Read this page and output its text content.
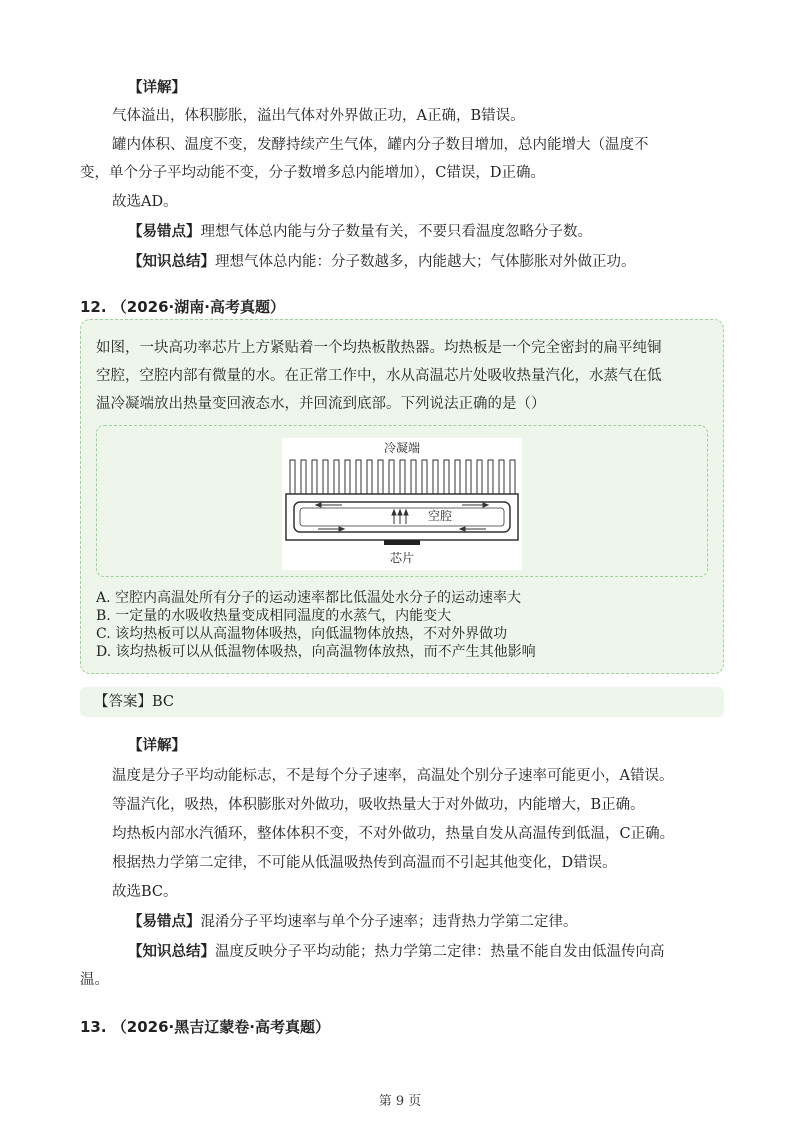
【详解】
气体溢出，体积膨胀，溢出气体对外界做正功，A正确，B错误。
罐内体积、温度不变，发酵持续产生气体，罐内分子数目增加，总内能增大（温度不
变，单个分子平均动能不变，分子数增多总内能增加），C错误，D正确。
故选AD。
【易错点】理想气体总内能与分子数量有关，不要只看温度忽略分子数。
【知识总结】理想气体总内能：分子数越多，内能越大；气体膨胀对外做正功。
12. （2026·湖南·高考真题）
如图，一块高功率芯片上方紧贴着一个均热板散热器。均热板是一个完全密封的扁平纯铜
空腔，空腔内部有微量的水。在正常工作中，水从高温芯片处吸收热量汽化，水蒸气在低
温冷凝端放出热量变回液态水，并回流到底部。下列说法正确的是（）
冷凝端
空腔
芯片
A. 空腔内高温处所有分子的运动速率都比低温处水分子的运动速率大
B. 一定量的水吸收热量变成相同温度的水蒸气，内能变大
C. 该均热板可以从高温物体吸热，向低温物体放热，不对外界做功
D. 该均热板可以从低温物体吸热，向高温物体放热，而不产生其他影响
【答案】BC
【详解】
温度是分子平均动能标志，不是每个分子速率，高温处个别分子速率可能更小，A错误。
等温汽化，吸热，体积膨胀对外做功，吸收热量大于对外做功，内能增大，B正确。
均热板内部水汽循环，整体体积不变，不对外做功，热量自发从高温传到低温，C正确。
根据热力学第二定律，不可能从低温吸热传到高温而不引起其他变化，D错误。
故选BC。
【易错点】混淆分子平均速率与单个分子速率；违背热力学第二定律。
【知识总结】温度反映分子平均动能；热力学第二定律：热量不能自发由低温传向高
温。
13. （2026·黑吉辽蒙卷·高考真题）
第 9 页
